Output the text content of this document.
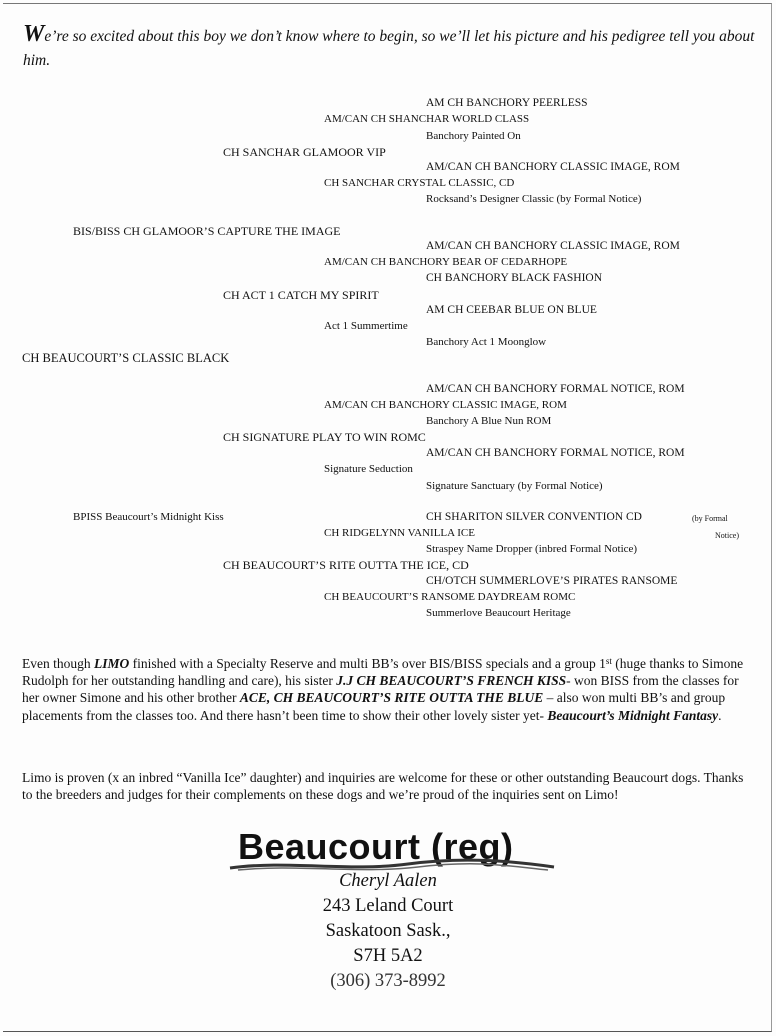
We’re so excited about this boy we don’t know where to begin, so we’ll let his picture and his pedigree tell you about him.
AM CH BANCHORY PEERLESS
AM/CAN CH SHANCHAR WORLD CLASS
Banchory Painted On
CH SANCHAR GLAMOOR VIP
AM/CAN CH BANCHORY CLASSIC IMAGE, ROM
CH SANCHAR CRYSTAL CLASSIC, CD
Rocksand’s Designer Classic (by Formal Notice)
BIS/BISS CH GLAMOOR’S CAPTURE THE IMAGE
AM/CAN CH BANCHORY CLASSIC IMAGE, ROM
AM/CAN CH BANCHORY BEAR OF CEDARHOPE
CH BANCHORY BLACK FASHION
CH ACT 1 CATCH MY SPIRIT
AM CH CEEBAR BLUE ON BLUE
Act 1 Summertime
Banchory Act 1 Moonglow
CH BEAUCOURT’S CLASSIC BLACK
AM/CAN CH BANCHORY FORMAL NOTICE, ROM
AM/CAN CH BANCHORY CLASSIC IMAGE, ROM
Banchory A Blue Nun ROM
CH SIGNATURE PLAY TO WIN ROMC
AM/CAN CH BANCHORY FORMAL NOTICE, ROM
Signature Seduction
Signature Sanctuary (by Formal Notice)
BPISS Beaucourt’s Midnight Kiss	CH SHARITON SILVER CONVENTION CD	(by Formal
Notice)
CH RIDGELYNN VANILLA ICE
Straspey Name Dropper (inbred Formal Notice)
CH BEAUCOURT’S RITE OUTTA THE ICE, CD
CH/OTCH SUMMERLOVE’S PIRATES RANSOME
CH BEAUCOURT’S RANSOME DAYDREAM ROMC
Summerlove Beaucourt Heritage
Even though LIMO finished with a Specialty Reserve and multi BB’s over BIS/BISS specials and a group 1st (huge thanks to Simone Rudolph for her outstanding handling and care), his sister J.J CH BEAUCOURT’S FRENCH KISS- won BISS from the classes for her owner Simone and his other brother ACE, CH BEAUCOURT’S RITE OUTTA THE BLUE – also won multi BB’s and group placements from the classes too. And there hasn’t been time to show their other lovely sister yet- Beaucourt’s Midnight Fantasy.
Limo is proven (x an inbred “Vanilla Ice” daughter) and inquiries are welcome for these or other outstanding Beaucourt dogs. Thanks to the breeders and judges for their complements on these dogs and we’re proud of the inquiries sent on Limo!
Beaucourt (reg)
Cheryl Aalen
243 Leland Court
Saskatoon Sask.,
S7H 5A2
(306) 373-8992
